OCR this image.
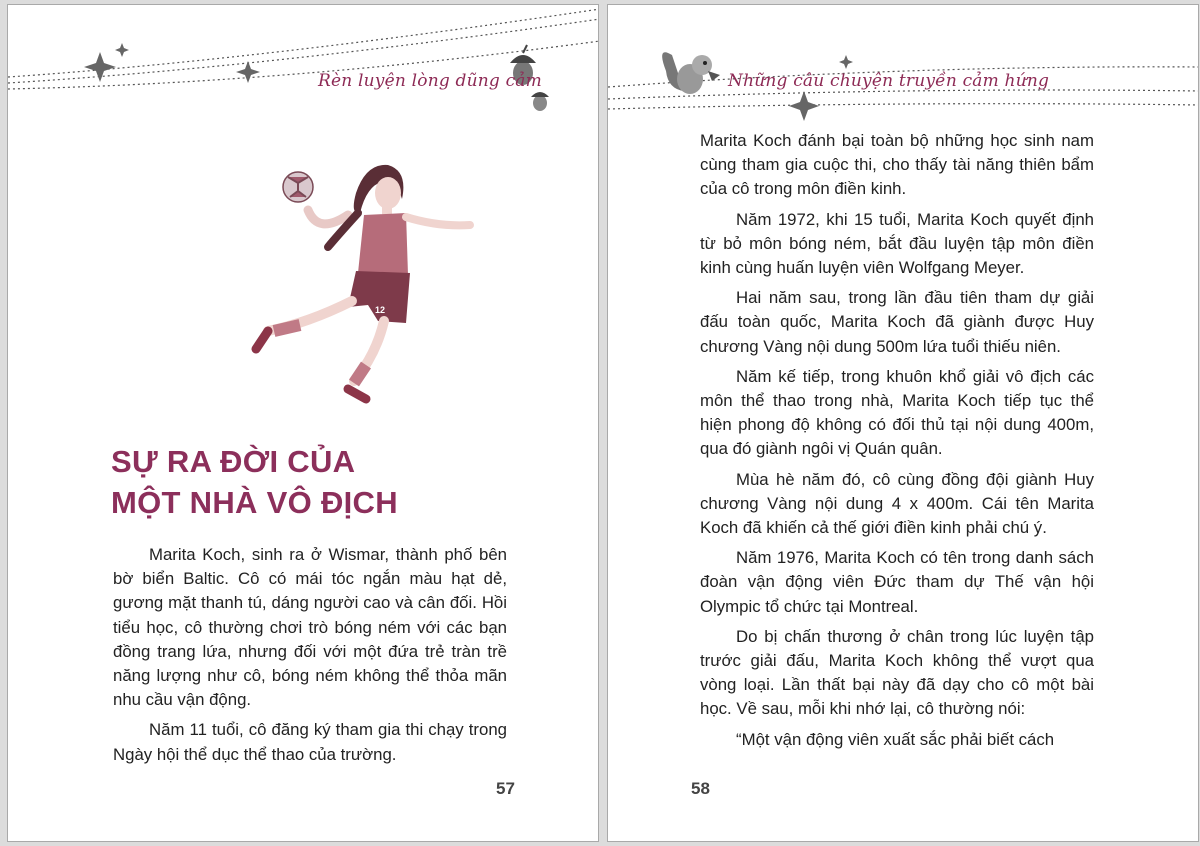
Rèn luyện lòng dũng cảm
12
SỰ RA ĐỜI CỦA
MỘT NHÀ VÔ ĐỊCH

Marita Koch, sinh ra ở Wismar, thành phố bên bờ biển Baltic. Cô có mái tóc ngắn màu hạt dẻ, gương mặt thanh tú, dáng người cao và cân đối. Hồi tiểu học, cô thường chơi trò bóng ném với các bạn đồng trang lứa, nhưng đối với một đứa trẻ tràn trề năng lượng như cô, bóng ném không thể thỏa mãn nhu cầu vận động.

Năm 11 tuổi, cô đăng ký tham gia thi chạy trong Ngày hội thể dục thể thao của trường.

57
Những câu chuyện truyền cảm hứng

Marita Koch đánh bại toàn bộ những học sinh nam cùng tham gia cuộc thi, cho thấy tài năng thiên bẩm của cô trong môn điền kinh.

Năm 1972, khi 15 tuổi, Marita Koch quyết định từ bỏ môn bóng ném, bắt đầu luyện tập môn điền kinh cùng huấn luyện viên Wolfgang Meyer.

Hai năm sau, trong lần đầu tiên tham dự giải đấu toàn quốc, Marita Koch đã giành được Huy chương Vàng nội dung 500m lứa tuổi thiếu niên.

Năm kế tiếp, trong khuôn khổ giải vô địch các môn thể thao trong nhà, Marita Koch tiếp tục thể hiện phong độ không có đối thủ tại nội dung 400m, qua đó giành ngôi vị Quán quân.

Mùa hè năm đó, cô cùng đồng đội giành Huy chương Vàng nội dung 4 x 400m. Cái tên Marita Koch đã khiến cả thế giới điền kinh phải chú ý.

Năm 1976, Marita Koch có tên trong danh sách đoàn vận động viên Đức tham dự Thế vận hội Olympic tổ chức tại Montreal.

Do bị chấn thương ở chân trong lúc luyện tập trước giải đấu, Marita Koch không thể vượt qua vòng loại. Lần thất bại này đã dạy cho cô một bài học. Về sau, mỗi khi nhớ lại, cô thường nói:

“Một vận động viên xuất sắc phải biết cách

58
